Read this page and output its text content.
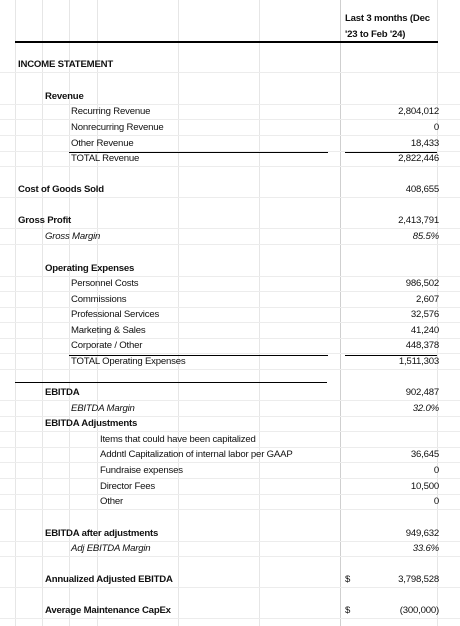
Last 3 months (Dec
'23 to Feb '24)
INCOME STATEMENT
Revenue
Recurring Revenue	2,804,012
Nonrecurring Revenue	0
Other Revenue	18,433
TOTAL Revenue	2,822,446
Cost of Goods Sold	408,655
Gross Profit	2,413,791
Gross Margin	85.5%
Operating Expenses
Personnel Costs	986,502
Commissions	2,607
Professional Services	32,576
Marketing & Sales	41,240
Corporate / Other	448,378
TOTAL Operating Expenses	1,511,303
EBITDA	902,487
EBITDA Margin	32.0%
EBITDA Adjustments
Items that could have been capitalized
Addntl Capitalization of internal labor per GAAP	36,645
Fundraise expenses	0
Director Fees	10,500
Other	0
EBITDA after adjustments	949,632
Adj EBITDA Margin	33.6%
Annualized Adjusted EBITDA	$	3,798,528
Average Maintenance CapEx	$	(300,000)
